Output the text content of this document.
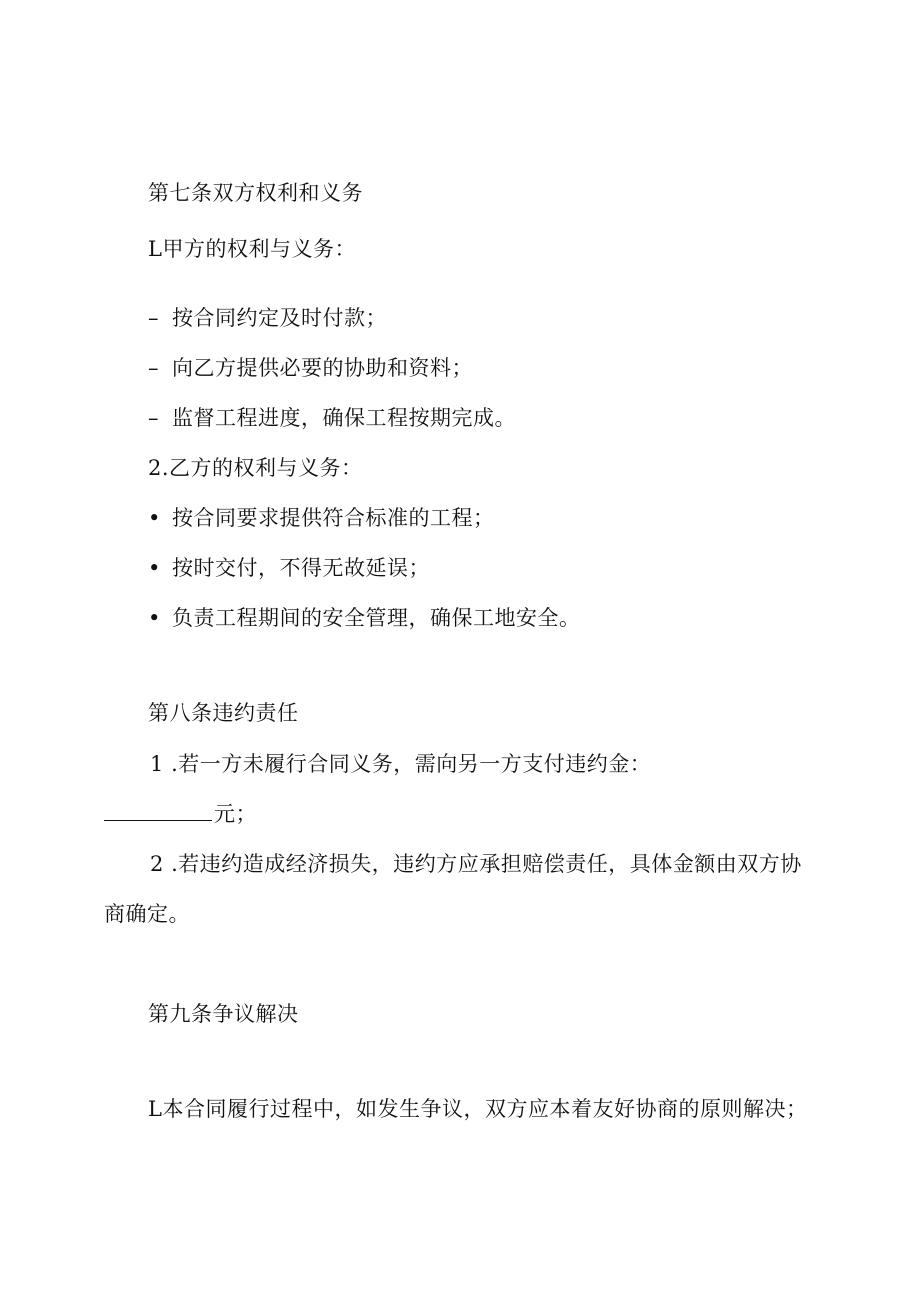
第七条双方权利和义务
L甲方的权利与义务：
– 按合同约定及时付款；
– 向乙方提供必要的协助和资料；
– 监督工程进度，确保工程按期完成。
2.乙方的权利与义务：
• 按合同要求提供符合标准的工程；
• 按时交付，不得无故延误；
• 负责工程期间的安全管理，确保工地安全。
第八条违约责任
1 .若一方未履行合同义务，需向另一方支付违约金：
元；
2 .若违约造成经济损失，违约方应承担赔偿责任，具体金额由双方协
商确定。
第九条争议解决
L本合同履行过程中，如发生争议，双方应本着友好协商的原则解决；
